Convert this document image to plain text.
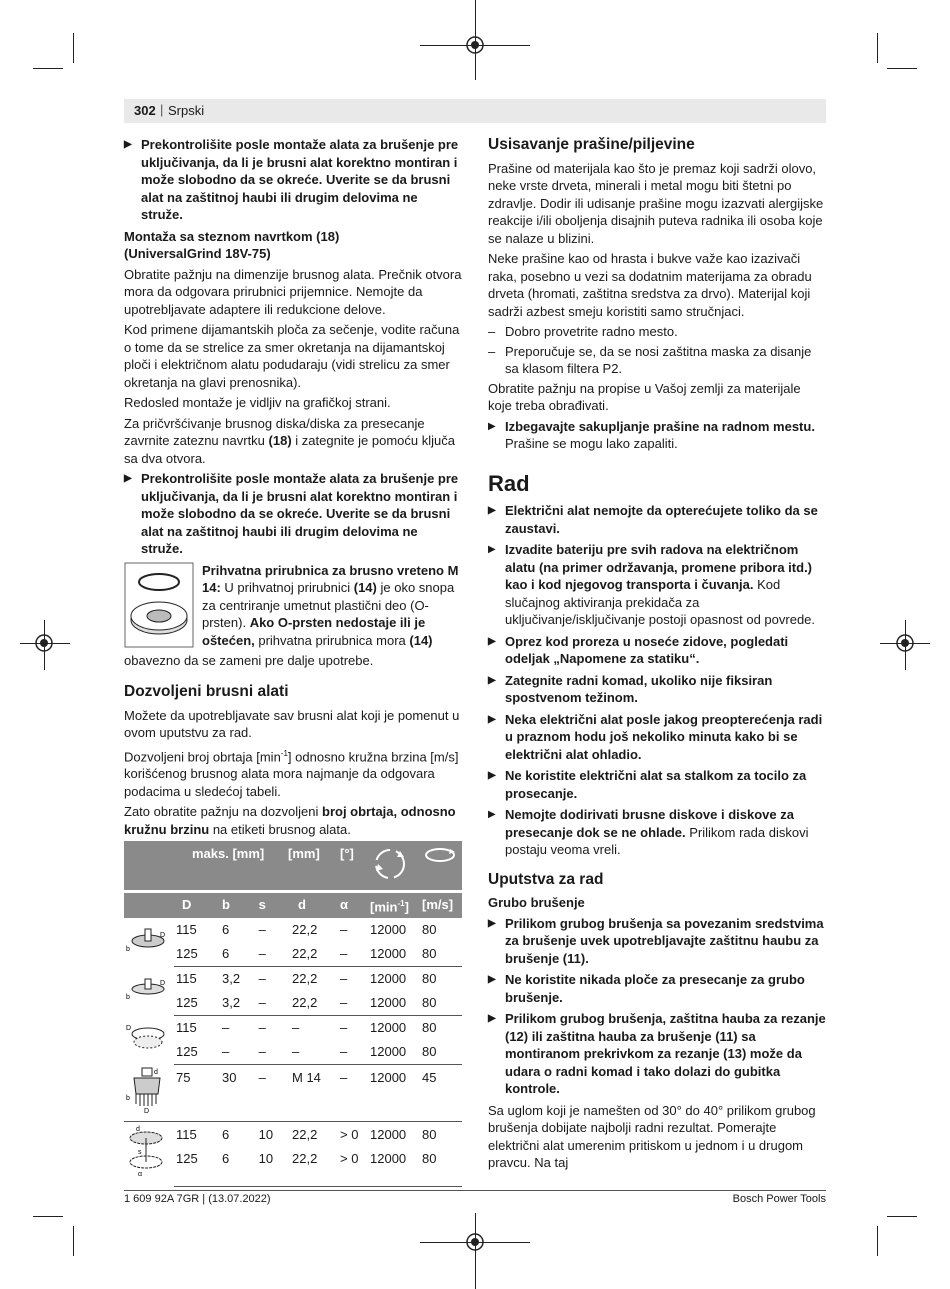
302 | Srpski
▶ Prekontrolišite posle montaže alata za brušenje pre uključivanja, da li je brusni alat korektno montiran i može slobodno da se okreće. Uverite se da brusni alat na zaštitnoj haubi ili drugim delovima ne struže.

Montaža sa steznom navrtkom (18)

(UniversalGrind 18V-75)

Obratite pažnju na dimenzije brusnog alata. Prečnik otvora mora da odgovara prirubnici prijemnice. Nemojte da upotrebljavate adaptere ili redukcione delove.

Kod primene dijamantskih ploča za sečenje, vodite računa o tome da se strelice za smer okretanja na dijamantskoj ploči i električnom alatu podudaraju (vidi strelicu za smer okretanja na glavi prenosnika).

Redosled montaže je vidljiv na grafičkoj strani.

Za pričvršćivanje brusnog diska/diska za presecanje zavrnite zateznu navrtku (18) i zategnite je pomoću ključa sa dva otvora.

▶ Prekontrolišite posle montaže alata za brušenje pre uključivanja, da li je brusni alat korektno montiran i može slobodno da se okreće. Uverite se da brusni alat na zaštitnoj haubi ili drugim delovima ne struže.
Prihvatna prirubnica za brusno vreteno M 14: U prihvatnoj prirubnici (14) je oko snopa za centriranje umetnut plastični deo (O-prsten). Ako O-prsten nedostaje ili je oštećen, prihvatna prirubnica mora (14)

obavezno da se zameni pre dalje upotrebe.

Dozvoljeni brusni alati

Možete da upotrebljavate sav brusni alat koji je pomenut u ovom uputstvu za rad.

Dozvoljeni broj obrtaja $[\min^{-1}]$ odnosno kružna brzina [m/s] korišćenog brusnog alata mora najmanje da odgovara podacima u sledećoj tabeli.

Zato obratite pažnju na dozvoljeni broj obrtaja, odnosno kružnu brzinu na etiketi brusnog alata.

	maks. [mm]			[mm]	[°]		
	D	b	s	d	α	$[\min^{-1}]$	[m/s]

D
b	115	6	–	22,2	–	12000	80
	125	6	–	22,2	–	12000	80

D
b	115	3,2	–	22,2	–	12000	80
	125	3,2	–	22,2	–	12000	80

D	115	–	–	–	–	12000	80
	125	–	–	–	–	12000	80

d
b
D	75	30	–	M 14	–	12000	45

d
s
α	115	6	10	22,2	> 0	12000	80
	125	6	10	22,2	> 0	12000	80
Usisavanje prašine/piljevine

Prašine od materijala kao što je premaz koji sadrži olovo, neke vrste drveta, minerali i metal mogu biti štetni po zdravlje. Dodir ili udisanje prašine mogu izazvati alergijske reakcije i/ili oboljenja disajnih puteva radnika ili osoba koje se nalaze u blizini.

Neke prašine kao od hrasta i bukve važe kao izazivači raka, posebno u vezi sa dodatnim materijama za obradu drveta (hromati, zaštitna sredstva za drvo). Materijal koji sadrži azbest smeju koristiti samo stručnjaci.

– Dobro provetrite radno mesto.
– Preporučuje se, da se nosi zaštitna maska za disanje sa klasom filtera P2.

Obratite pažnju na propise u Vašoj zemlji za materijale koje treba obrađivati.

▶ Izbegavajte sakupljanje prašine na radnom mestu.
Prašine se mogu lako zapaliti.
Rad
▶ Električni alat nemojte da opterećujete toliko da se zaustavi.
▶ Izvadite bateriju pre svih radova na električnom alatu (na primer održavanja, promene pribora itd.) kao i kod njegovog transporta i čuvanja. Kod slučajnog aktiviranja prekidača za uključivanje/isključivanje postoji opasnost od povrede.
▶ Oprez kod proreza u noseće zidove, pogledati odeljak „Napomene za statiku“.
▶ Zategnite radni komad, ukoliko nije fiksiran spostvenom težinom.
▶ Neka električni alat posle jakog preopterećenja radi u praznom hodu još nekoliko minuta kako bi se električni alat ohladio.
▶ Ne koristite električni alat sa stalkom za tocilo za prosecanje.
▶ Nemojte dodirivati brusne diskove i diskove za presecanje dok se ne ohlade. Prilikom rada diskovi postaju veoma vreli.
Uputstva za rad

Grubo brušenje

▶ Prilikom grubog brušenja sa povezanim sredstvima za brušenje uvek upotrebljavajte zaštitnu haubu za brušenje (11).
▶ Ne koristite nikada ploče za presecanje za grubo brušenje.
▶ Prilikom grubog brušenja, zaštitna hauba za rezanje (12) ili zaštitna hauba za brušenje (11) sa montiranom prekrivkom za rezanje (13) može da udara o radni komad i tako dolazi do gubitka kontrole.

Sa uglom koji je namešten od 30° do 40° prilikom grubog brušenja dobijate najbolji radni rezultat. Pomerajte električni alat umerenim pritiskom u jednom i u drugom pravcu. Na taj

1 609 92A 7GR | (13.07.2022)	Bosch Power Tools
